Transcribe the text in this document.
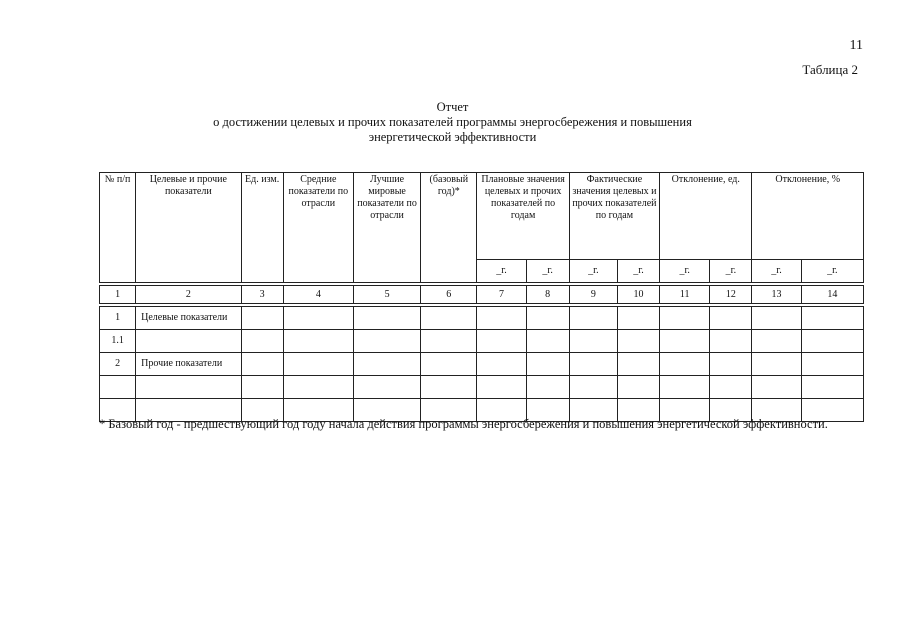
11
Таблица 2
Отчет
о достижении целевых и прочих показателей программы энергосбережения и повышения
энергетической эффективности
№ п/п	Целевые и прочие показатели	Ед. изм.	Средние показатели по отрасли	Лучшие мировые показатели по отрасли	(базовый год)*	Плановые значения целевых и прочих показателей по годам		Фактические значения целевых и прочих показателей по годам		Отклонение, ед.		Отклонение, %	
						_г.	_г.	_г.	_г.	_г.	_г.	_г.	_г.

1	2	3	4	5	6	7	8	9	10	11	12	13	14

1	Целевые показатели												
1.1													
2	Прочие показатели												

* Базовый год - предшествующий год году начала действия программы энергосбережения и повышения энергетической эффективности.
